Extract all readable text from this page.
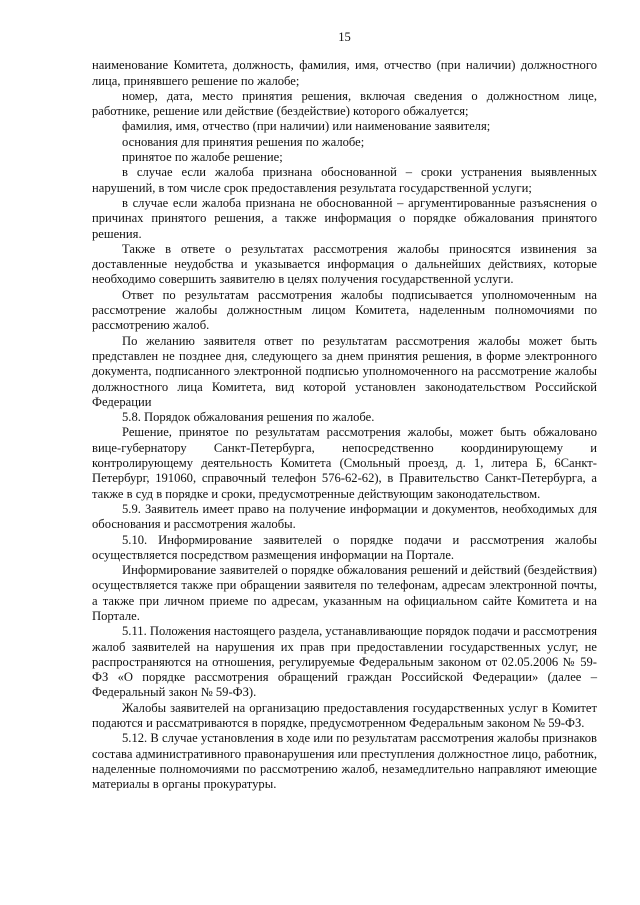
15

наименование Комитета, должность, фамилия, имя, отчество (при наличии) должностного лица, принявшего решение по жалобе;

номер, дата, место принятия решения, включая сведения о должностном лице, работнике, решение или действие (бездействие) которого обжалуется;

фамилия, имя, отчество (при наличии) или наименование заявителя;

основания для принятия решения по жалобе;

принятое по жалобе решение;

в случае если жалоба признана обоснованной – сроки устранения выявленных нарушений, в том числе срок предоставления результата государственной услуги;

в случае если жалоба признана не обоснованной – аргументированные разъяснения о причинах принятого решения, а также информация о порядке обжалования принятого решения.

Также в ответе о результатах рассмотрения жалобы приносятся извинения за доставленные неудобства и указывается информация о дальнейших действиях, которые необходимо совершить заявителю в целях получения государственной услуги.

Ответ по результатам рассмотрения жалобы подписывается уполномоченным на рассмотрение жалобы должностным лицом Комитета, наделенным полномочиями по рассмотрению жалоб.

По желанию заявителя ответ по результатам рассмотрения жалобы может быть представлен не позднее дня, следующего за днем принятия решения, в форме электронного документа, подписанного электронной подписью уполномоченного на рассмотрение жалобы должностного лица Комитета, вид которой установлен законодательством Российской Федерации

5.8. Порядок обжалования решения по жалобе.

Решение, принятое по результатам рассмотрения жалобы, может быть обжаловано вице-губернатору Санкт-Петербурга, непосредственно координирующему и контролирующему деятельность Комитета (Смольный проезд, д. 1, литера Б, 6Санкт-Петербург, 191060, справочный телефон 576-62-62), в Правительство Санкт-Петербурга, а также в суд в порядке и сроки, предусмотренные действующим законодательством.

5.9. Заявитель имеет право на получение информации и документов, необходимых для обоснования и рассмотрения жалобы.

5.10. Информирование заявителей о порядке подачи и рассмотрения жалобы осуществляется посредством размещения информации на Портале.

Информирование заявителей о порядке обжалования решений и действий (бездействия) осуществляется также при обращении заявителя по телефонам, адресам электронной почты, а также при личном приеме по адресам, указанным на официальном сайте Комитета и на Портале.

5.11. Положения настоящего раздела, устанавливающие порядок подачи и рассмотрения жалоб заявителей на нарушения их прав при предоставлении государственных услуг, не распространяются на отношения, регулируемые Федеральным законом от 02.05.2006 № 59-ФЗ «О порядке рассмотрения обращений граждан Российской Федерации» (далее – Федеральный закон № 59-ФЗ).

Жалобы заявителей на организацию предоставления государственных услуг в Комитет подаются и рассматриваются в порядке, предусмотренном Федеральным законом № 59-ФЗ.

5.12. В случае установления в ходе или по результатам рассмотрения жалобы признаков состава административного правонарушения или преступления должностное лицо, работник, наделенные полномочиями по рассмотрению жалоб, незамедлительно направляют имеющие материалы в органы прокуратуры.
